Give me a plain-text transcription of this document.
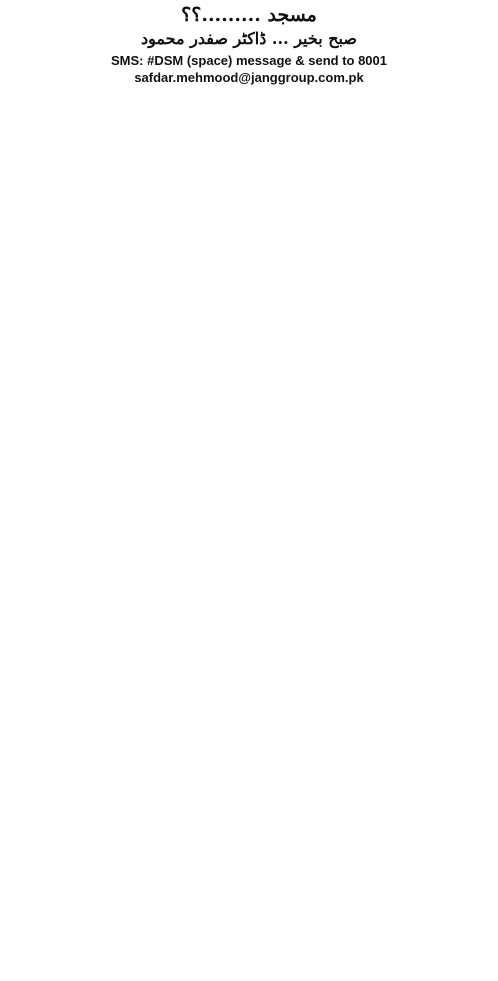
مسجد .........؟؟
صبح بخیر ... ڈاکٹر صفدر محمود
SMS: #DSM (space) message & send to 8001
safdar.mehmood@janggroup.com.pk
